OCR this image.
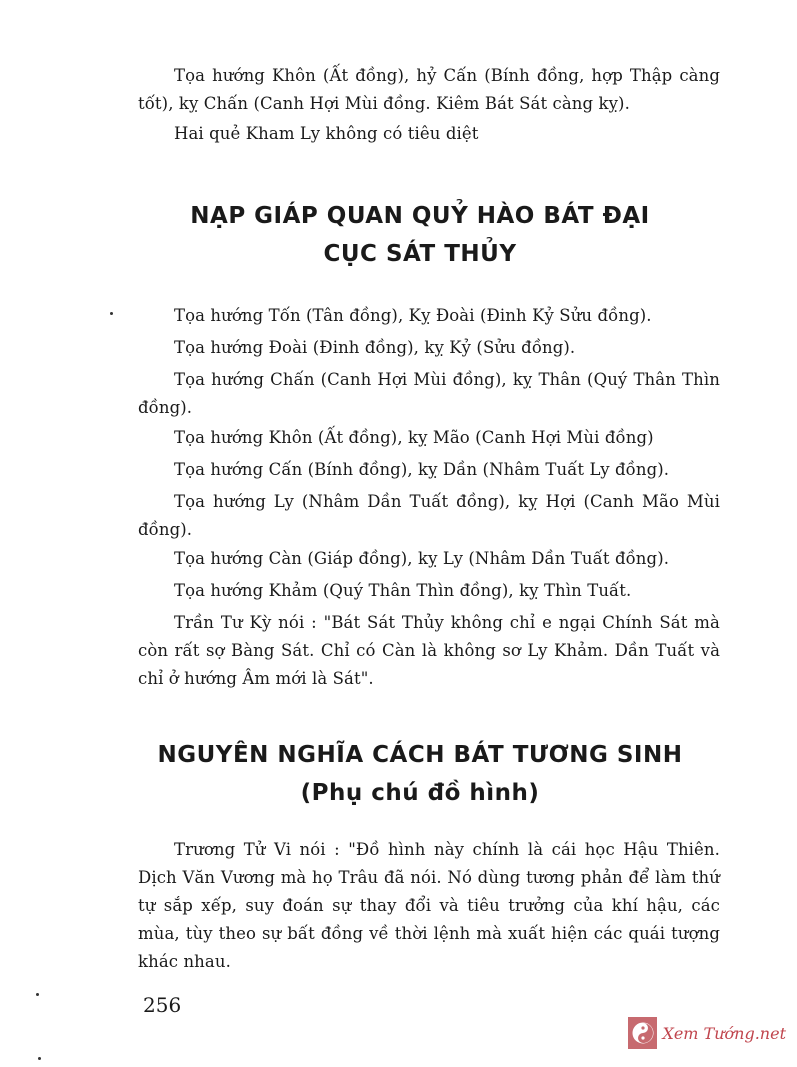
Tọa hướng Khôn (Ất đồng), hỷ Cấn (Bính đồng, hợp Thập càng tốt), kỵ Chấn (Canh Hợi Mùi đồng. Kiêm Bát Sát càng kỵ).

Hai quẻ Kham Ly không có tiêu diệt

NẠP GIÁP QUAN QUỶ HÀO BÁT ĐẠI
CỤC SÁT THỦY

Tọa hướng Tốn (Tân đồng), Kỵ Đoài (Đinh Kỷ Sửu đồng).

Tọa hướng Đoài (Đinh đồng), kỵ Kỷ (Sửu đồng).

Tọa hướng Chấn (Canh Hợi Mùi đồng), kỵ Thân (Quý Thân Thìn đồng).

Tọa hướng Khôn (Ất đồng), kỵ Mão (Canh Hợi Mùi đồng)

Tọa hướng Cấn (Bính đồng), kỵ Dần (Nhâm Tuất Ly đồng).

Tọa hướng Ly (Nhâm Dần Tuất đồng), kỵ Hợi (Canh Mão Mùi đồng).

Tọa hướng Càn (Giáp đồng), kỵ Ly (Nhâm Dần Tuất đồng).

Tọa hướng Khảm (Quý Thân Thìn đồng), kỵ Thìn Tuất.

Trần Tư Kỳ nói : "Bát Sát Thủy không chỉ e ngại Chính Sát mà còn rất sợ Bàng Sát. Chỉ có Càn là không sơ Ly Khảm. Dần Tuất và chỉ ở hướng Âm mới là Sát".

NGUYÊN NGHĨA CÁCH BÁT TƯƠNG SINH
(Phụ chú đồ hình)

Trương Tử Vi nói : "Đồ hình này chính là cái học Hậu Thiên. Dịch Văn Vương mà họ Trâu đã nói. Nó dùng tương phản để làm thứ tự sắp xếp, suy đoán sự thay đổi và tiêu trưởng của khí hậu, các mùa, tùy theo sự bất đồng về thời lệnh mà xuất hiện các quái tượng khác nhau.

256

Xem Tướng.net
